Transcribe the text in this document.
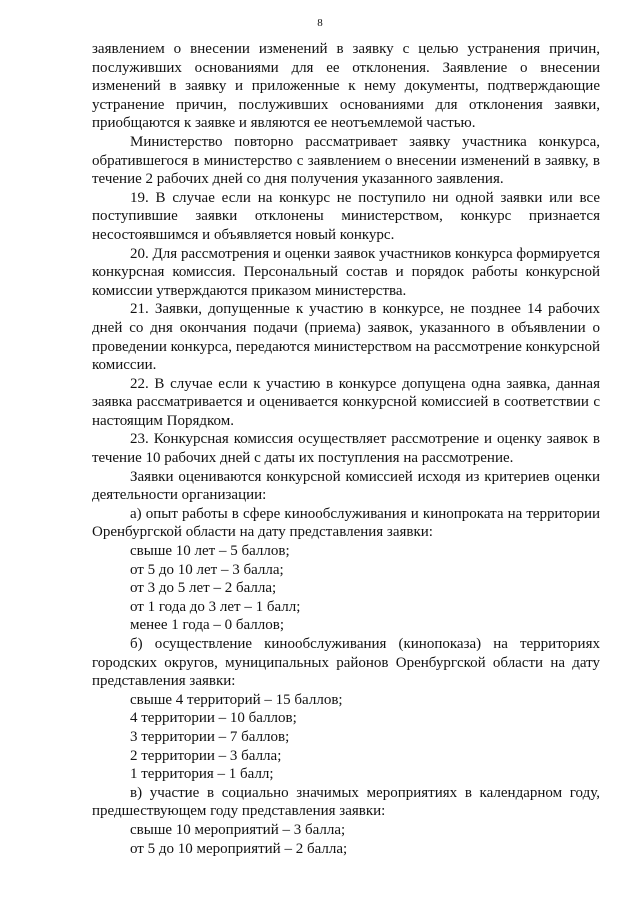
8

заявлением о внесении изменений в заявку с целью устранения причин, послуживших основаниями для ее отклонения. Заявление о внесении изменений в заявку и приложенные к нему документы, подтверждающие устранение причин, послуживших основаниями для отклонения заявки, приобщаются к заявке и являются ее неотъемлемой частью.

Министерство повторно рассматривает заявку участника конкурса, обратившегося в министерство с заявлением о внесении изменений в заявку, в течение 2 рабочих дней со дня получения указанного заявления.

19. В случае если на конкурс не поступило ни одной заявки или все поступившие заявки отклонены министерством, конкурс признается несостоявшимся и объявляется новый конкурс.

20. Для рассмотрения и оценки заявок участников конкурса формируется конкурсная комиссия. Персональный состав и порядок работы конкурсной комиссии утверждаются приказом министерства.

21. Заявки, допущенные к участию в конкурсе, не позднее 14 рабочих дней со дня окончания подачи (приема) заявок, указанного в объявлении о проведении конкурса, передаются министерством на рассмотрение конкурсной комиссии.

22. В случае если к участию в конкурсе допущена одна заявка, данная заявка рассматривается и оценивается конкурсной комиссией в соответствии с настоящим Порядком.

23. Конкурсная комиссия осуществляет рассмотрение и оценку заявок в течение 10 рабочих дней с даты их поступления на рассмотрение.

Заявки оцениваются конкурсной комиссией исходя из критериев оценки деятельности организации:

а) опыт работы в сфере кинообслуживания и кинопроката на территории Оренбургской области на дату представления заявки:

свыше 10 лет – 5 баллов;

от 5 до 10 лет – 3 балла;

от 3 до 5 лет – 2 балла;

от 1 года до 3 лет – 1 балл;

менее 1 года – 0 баллов;

б) осуществление кинообслуживания (кинопоказа) на территориях городских округов, муниципальных районов Оренбургской области на дату представления заявки:

свыше 4 территорий – 15 баллов;

4 территории – 10 баллов;

3 территории – 7 баллов;

2 территории – 3 балла;

1 территория – 1 балл;

в) участие в социально значимых мероприятиях в календарном году, предшествующем году представления заявки:

свыше 10 мероприятий – 3 балла;

от 5 до 10 мероприятий – 2 балла;
